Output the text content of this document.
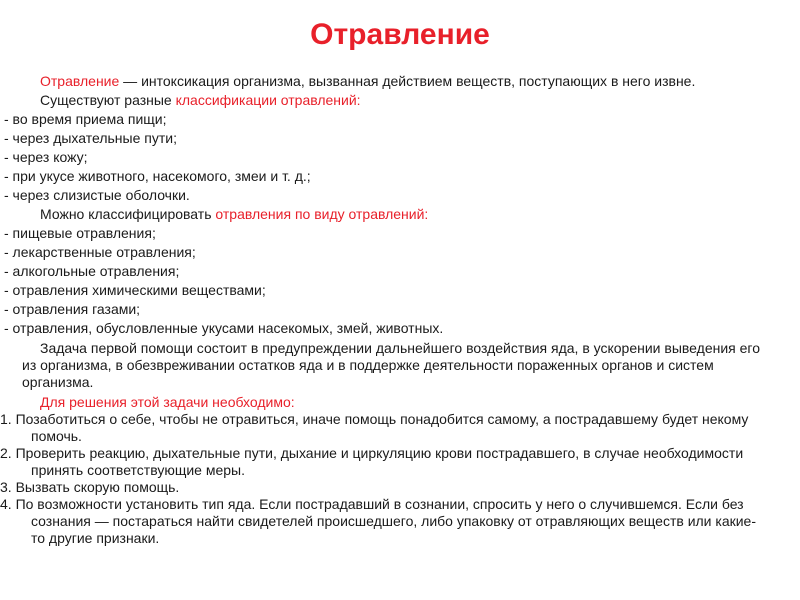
Отравление

Отравление — интоксикация организма, вызванная действием веществ, поступающих в него извне.

Существуют разные классификации отравлений:

- во время приема пищи;

- через дыхательные пути;

- через кожу;

- при укусе животного, насекомого, змеи и т. д.;

- через слизистые оболочки.

Можно классифицировать отравления по виду отравлений:

- пищевые отравления;

- лекарственные отравления;

- алкогольные отравления;

- отравления химическими веществами;

- отравления газами;

- отравления, обусловленные укусами насекомых, змей, животных.

Задача первой помощи состоит в предупреждении дальнейшего воздействия яда, в ускорении выведения его из организма, в обезвреживании остатков яда и в поддержке деятельности пораженных органов и систем организма.

Для решения этой задачи необходимо:

1. Позаботиться о себе, чтобы не отравиться, иначе помощь понадобится самому, а пострадавшему будет некому помочь.

2. Проверить реакцию, дыхательные пути, дыхание и циркуляцию крови пострадавшего, в случае необходимости принять соответствующие меры.

3. Вызвать скорую помощь.

4. По возможности установить тип яда. Если пострадавший в сознании, спросить у него о случившемся. Если без сознания — постараться найти свидетелей происшедшего, либо упаковку от отравляющих веществ или какие-то другие признаки.
